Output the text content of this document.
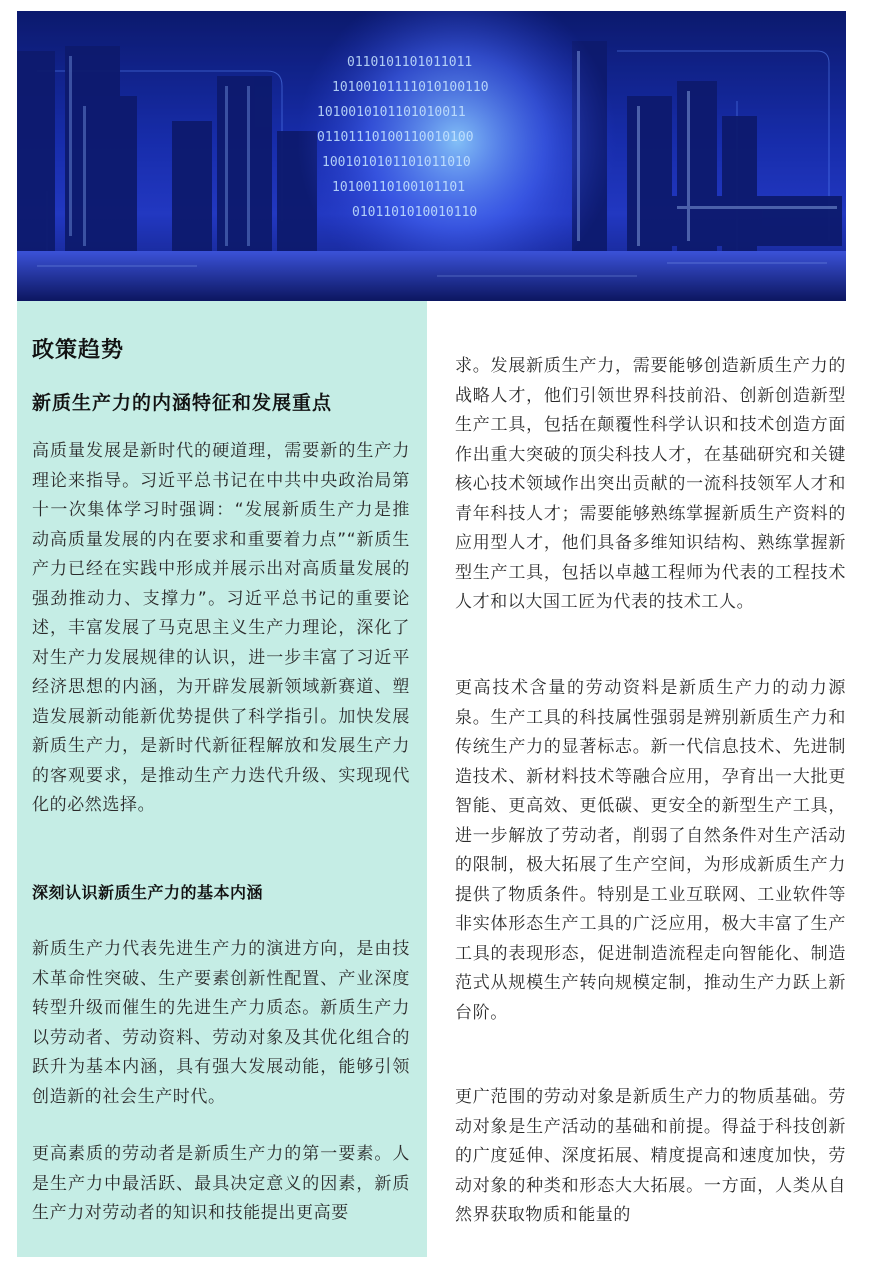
0110101101011011
10100101111010100110
1010010101101010011
01101110100110010100
1001010101101011010
10100110100101101
0101101010010110
政策趋势
新质生产力的内涵特征和发展重点

高质量发展是新时代的硬道理，需要新的生产力理论来指导。习近平总书记在中共中央政治局第十一次集体学习时强调：“发展新质生产力是推动高质量发展的内在要求和重要着力点”“新质生产力已经在实践中形成并展示出对高质量发展的强劲推动力、支撑力”。习近平总书记的重要论述，丰富发展了马克思主义生产力理论，深化了对生产力发展规律的认识，进一步丰富了习近平经济思想的内涵，为开辟发展新领域新赛道、塑造发展新动能新优势提供了科学指引。加快发展新质生产力，是新时代新征程解放和发展生产力的客观要求，是推动生产力迭代升级、实现现代化的必然选择。

深刻认识新质生产力的基本内涵

新质生产力代表先进生产力的演进方向，是由技术革命性突破、生产要素创新性配置、产业深度转型升级而催生的先进生产力质态。新质生产力以劳动者、劳动资料、劳动对象及其优化组合的跃升为基本内涵，具有强大发展动能，能够引领创造新的社会生产时代。

更高素质的劳动者是新质生产力的第一要素。人是生产力中最活跃、最具决定意义的因素，新质生产力对劳动者的知识和技能提出更高要

求。发展新质生产力，需要能够创造新质生产力的战略人才，他们引领世界科技前沿、创新创造新型生产工具，包括在颠覆性科学认识和技术创造方面作出重大突破的顶尖科技人才，在基础研究和关键核心技术领域作出突出贡献的一流科技领军人才和青年科技人才；需要能够熟练掌握新质生产资料的应用型人才，他们具备多维知识结构、熟练掌握新型生产工具，包括以卓越工程师为代表的工程技术人才和以大国工匠为代表的技术工人。

更高技术含量的劳动资料是新质生产力的动力源泉。生产工具的科技属性强弱是辨别新质生产力和传统生产力的显著标志。新一代信息技术、先进制造技术、新材料技术等融合应用，孕育出一大批更智能、更高效、更低碳、更安全的新型生产工具，进一步解放了劳动者，削弱了自然条件对生产活动的限制，极大拓展了生产空间，为形成新质生产力提供了物质条件。特别是工业互联网、工业软件等非实体形态生产工具的广泛应用，极大丰富了生产工具的表现形态，促进制造流程走向智能化、制造范式从规模生产转向规模定制，推动生产力跃上新台阶。

更广范围的劳动对象是新质生产力的物质基础。劳动对象是生产活动的基础和前提。得益于科技创新的广度延伸、深度拓展、精度提高和速度加快，劳动对象的种类和形态大大拓展。一方面，人类从自然界获取物质和能量的
